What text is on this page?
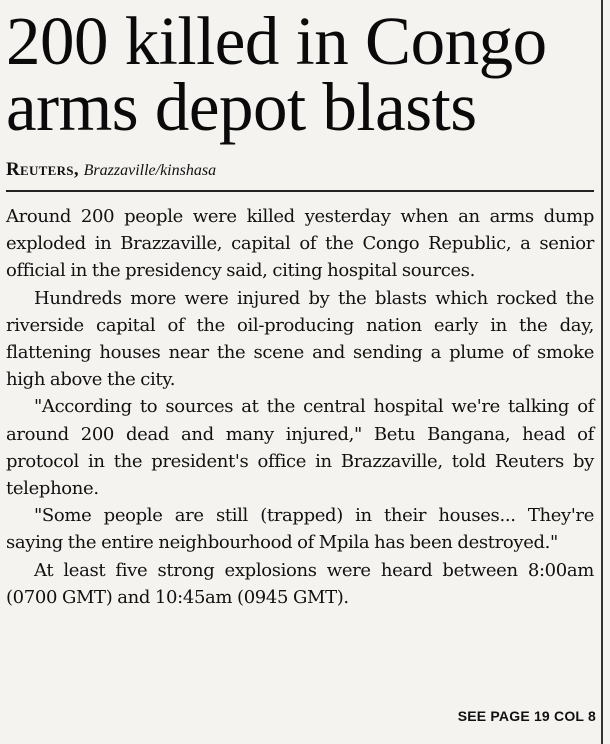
200 killed in Congo
arms depot blasts
Reuters, Brazzaville/kinshasa

Around 200 people were killed yesterday when an arms dump exploded in Brazzaville, capital of the Congo Republic, a senior official in the presidency said, citing hospital sources.

Hundreds more were injured by the blasts which rocked the riverside capital of the oil-producing nation early in the day, flattening houses near the scene and sending a plume of smoke high above the city.

"According to sources at the central hospital we're talking of around 200 dead and many injured," Betu Bangana, head of protocol in the president's office in Brazzaville, told Reuters by telephone.

"Some people are still (trapped) in their houses... They're saying the entire neighbourhood of Mpila has been destroyed."

At least five strong explosions were heard between 8:00am (0700 GMT) and 10:45am (0945 GMT).

SEE PAGE 19 COL 8
